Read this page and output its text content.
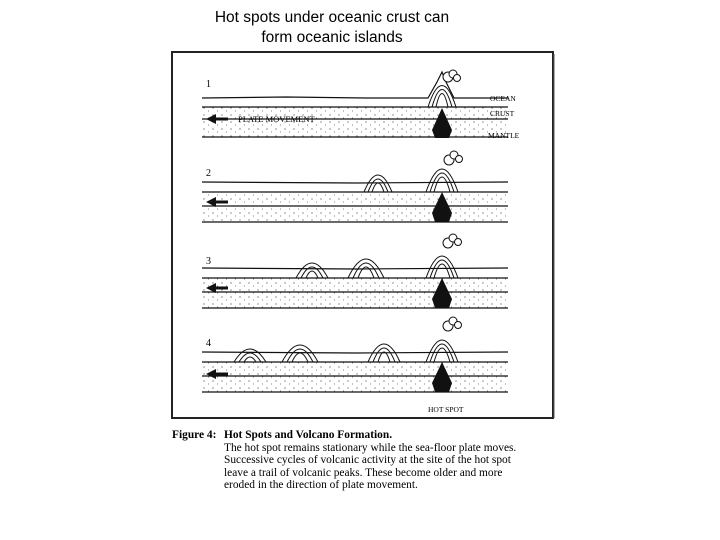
Hot spots under oceanic crust can
form oceanic islands
1
PLATE MOVEMENT
OCEAN
CRUST
MANTLE
2
3
4
HOT SPOT
Figure 4: Hot Spots and Volcano Formation.
The hot spot remains stationary while the sea-floor plate moves.
Successive cycles of volcanic activity at the site of the hot spot
leave a trail of volcanic peaks. These become older and more
eroded in the direction of plate movement.
